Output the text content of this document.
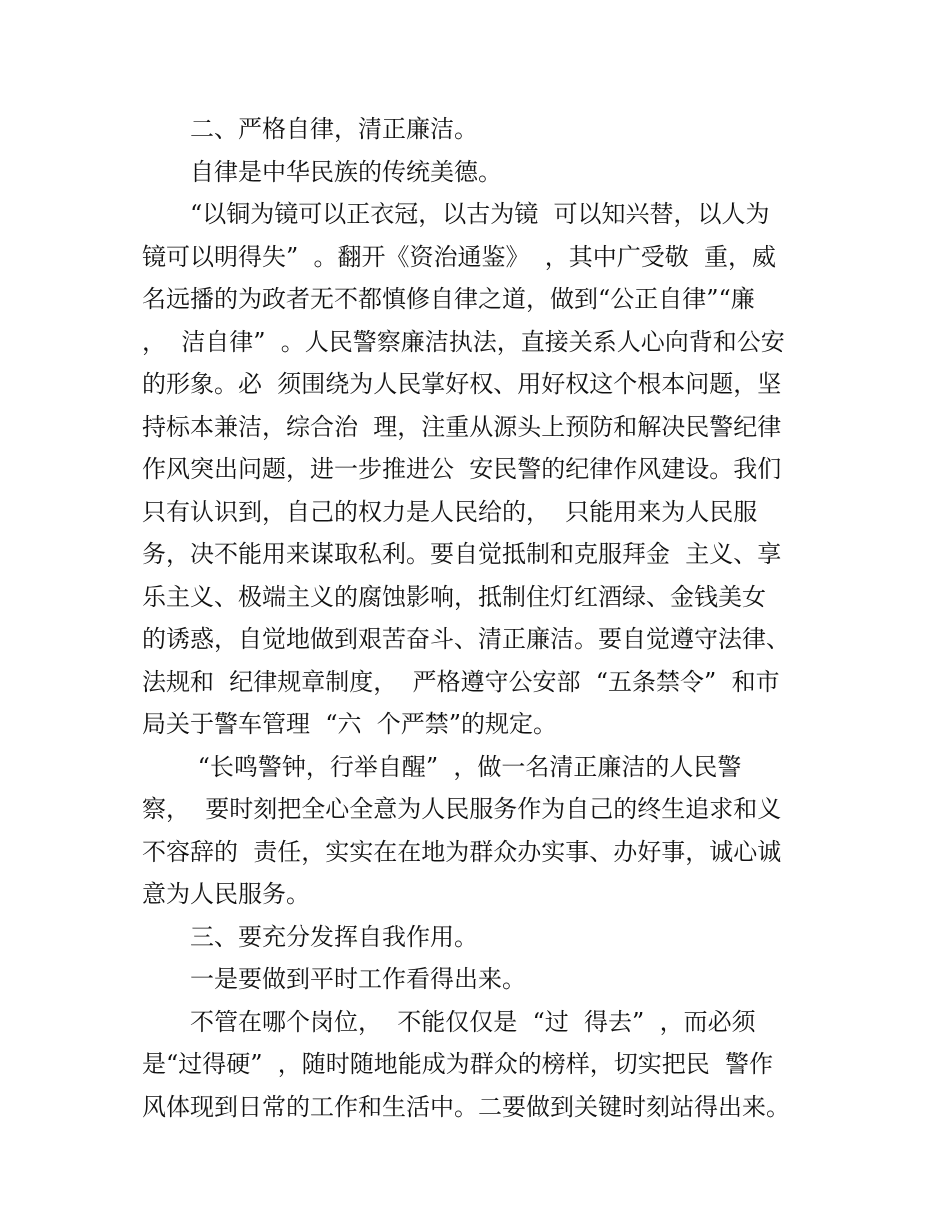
二、严格自律，清正廉洁。
自律是中华民族的传统美德。
“以铜为镜可以正衣冠，以古为镜  可以知兴替，以人为
镜可以明得失”  。翻开《资治通鉴》  ，其中广受敬  重，威
名远播的为政者无不都慎修自律之道，做到“公正自律”“廉
，  洁自律”  。人民警察廉洁执法，直接关系人心向背和公安
的形象。必  须围绕为人民掌好权、用好权这个根本问题，坚
持标本兼洁，综合治  理，注重从源头上预防和解决民警纪律
作风突出问题，进一步推进公  安民警的纪律作风建设。我们
只有认识到，自己的权力是人民给的，  只能用来为人民服
务，决不能用来谋取私利。要自觉抵制和克服拜金  主义、享
乐主义、极端主义的腐蚀影响，抵制住灯红酒绿、金钱美女
的诱惑，自觉地做到艰苦奋斗、清正廉洁。要自觉遵守法律、
法规和  纪律规章制度，  严格遵守公安部  “五条禁令”  和市
局关于警车管理  “六  个严禁”的规定。
“长鸣警钟，行举自醒”  ，做一名清正廉洁的人民警
察，  要时刻把全心全意为人民服务作为自己的终生追求和义
不容辞的  责任，实实在在地为群众办实事、办好事，诚心诚
意为人民服务。
三、要充分发挥自我作用。
一是要做到平时工作看得出来。
不管在哪个岗位，  不能仅仅是  “过  得去”  ，而必须
是“过得硬”  ，随时随地能成为群众的榜样，切实把民  警作
风体现到日常的工作和生活中。二要做到关键时刻站得出来。
